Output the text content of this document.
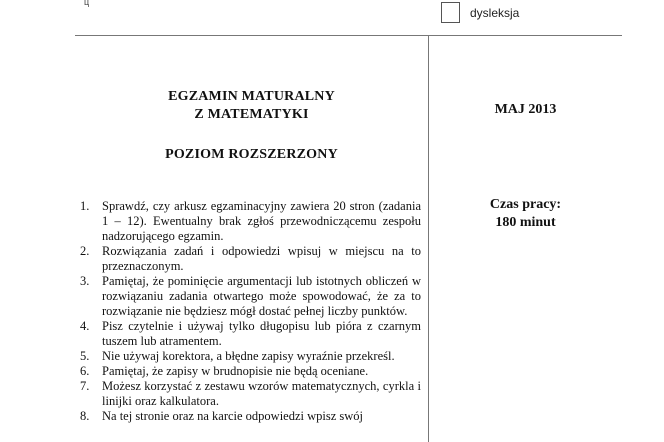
ц
dysleksja
EGZAMIN MATURALNY
Z MATEMATYKI
POZIOM ROZSZERZONY
MAJ 2013
Czas pracy:
180 minut
1.	Sprawdź, czy arkusz egzaminacyjny zawiera 20 stron (zadania 1 – 12). Ewentualny brak zgłoś przewodniczącemu zespołu nadzorującego egzamin.
2.	Rozwiązania zadań i odpowiedzi wpisuj w miejscu na to przeznaczonym.
3.	Pamiętaj, że pominięcie argumentacji lub istotnych obliczeń w rozwiązaniu zadania otwartego może spowodować, że za to rozwiązanie nie będziesz mógł dostać pełnej liczby punktów.
4.	Pisz czytelnie i używaj tylko długopisu lub pióra z czarnym tuszem lub atramentem.
5.	Nie używaj korektora, a błędne zapisy wyraźnie przekreśl.
6.	Pamiętaj, że zapisy w brudnopisie nie będą oceniane.
7.	Możesz korzystać z zestawu wzorów matematycznych, cyrkla i linijki oraz kalkulatora.
8.	Na tej stronie oraz na karcie odpowiedzi wpisz swój
